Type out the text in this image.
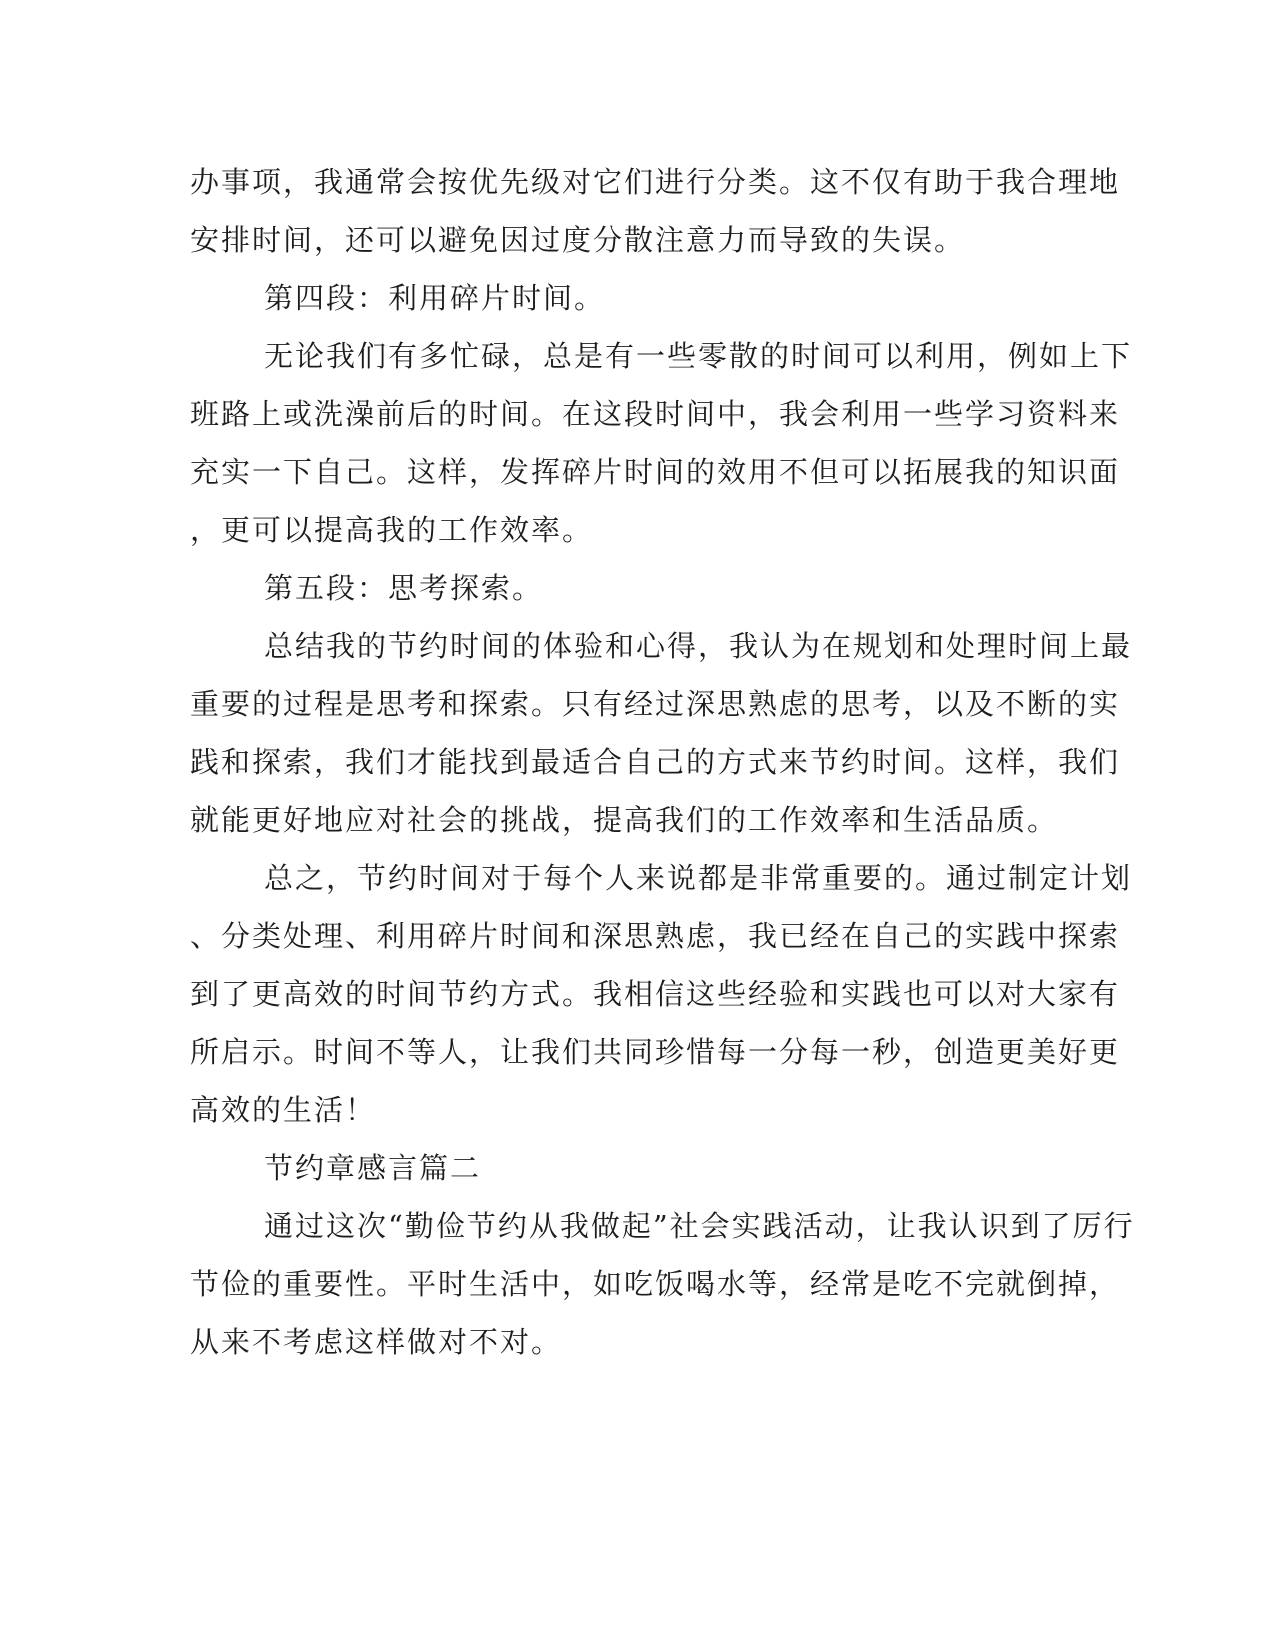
办事项，我通常会按优先级对它们进行分类。这不仅有助于我合理地
安排时间，还可以避免因过度分散注意力而导致的失误。
第四段：利用碎片时间。
无论我们有多忙碌，总是有一些零散的时间可以利用，例如上下
班路上或洗澡前后的时间。在这段时间中，我会利用一些学习资料来
充实一下自己。这样，发挥碎片时间的效用不但可以拓展我的知识面
，更可以提高我的工作效率。
第五段：思考探索。
总结我的节约时间的体验和心得，我认为在规划和处理时间上最
重要的过程是思考和探索。只有经过深思熟虑的思考，以及不断的实
践和探索，我们才能找到最适合自己的方式来节约时间。这样，我们
就能更好地应对社会的挑战，提高我们的工作效率和生活品质。
总之，节约时间对于每个人来说都是非常重要的。通过制定计划
、分类处理、利用碎片时间和深思熟虑，我已经在自己的实践中探索
到了更高效的时间节约方式。我相信这些经验和实践也可以对大家有
所启示。时间不等人，让我们共同珍惜每一分每一秒，创造更美好更
高效的生活！
节约章感言篇二
通过这次“勤俭节约从我做起”社会实践活动，让我认识到了厉行
节俭的重要性。平时生活中，如吃饭喝水等，经常是吃不完就倒掉，
从来不考虑这样做对不对。
